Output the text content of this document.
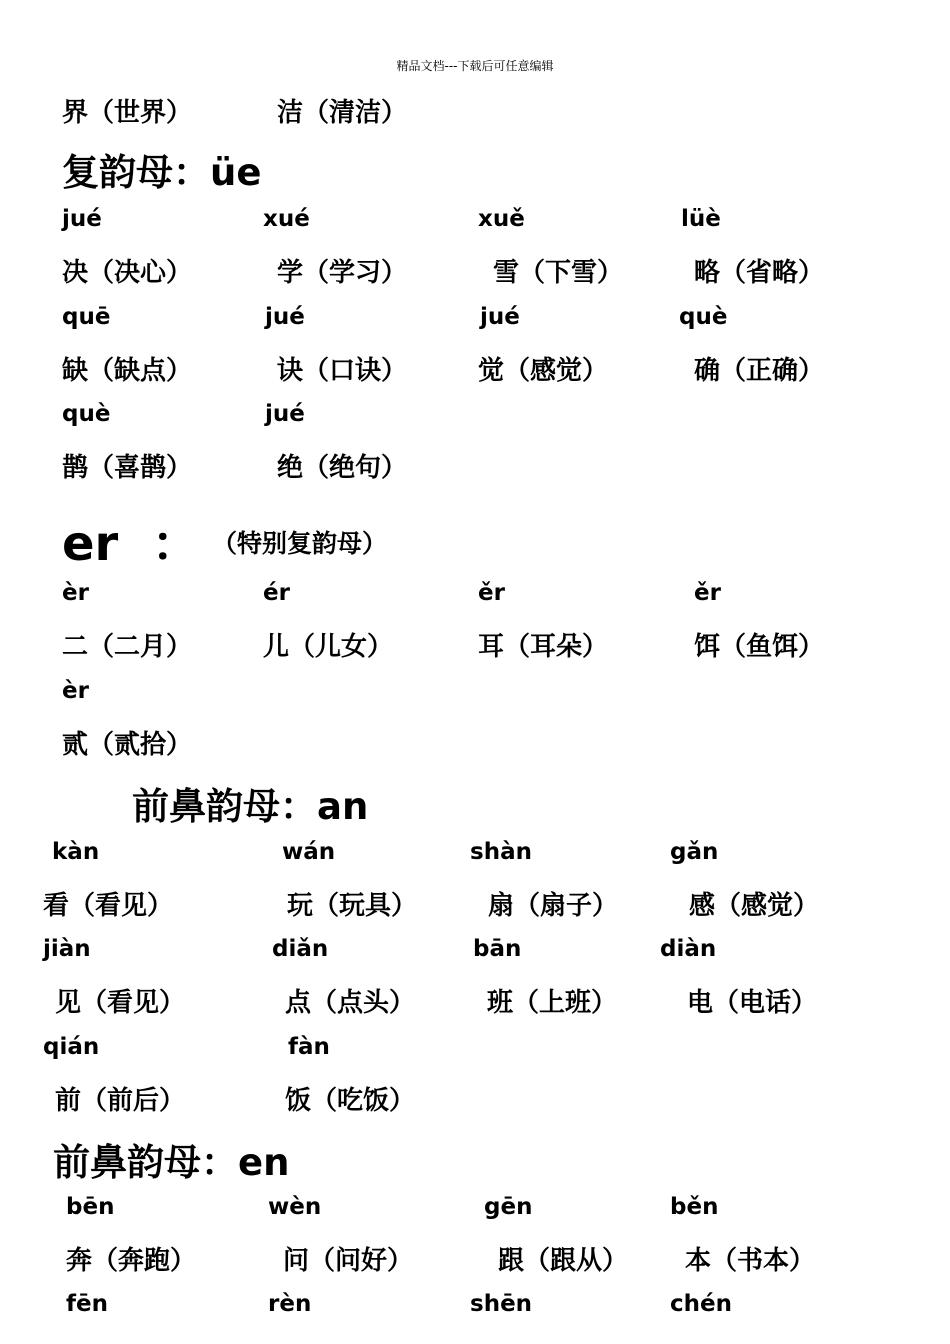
精品文档---下载后可任意编辑
界（世界）	洁（清洁）
复韵母：üe
jué	xué	xuě	lüè
决（决心）	学（学习）	雪（下雪）	略（省略）
quē	jué	jué	què
缺（缺点）	诀（口诀）	觉（感觉）	确（正确）
què	jué
鹊（喜鹊）	绝（绝句）
er  ： （特别复韵母）
èr	ér	ěr	ěr
二（二月）	儿（儿女）	耳（耳朵）	饵（鱼饵）
èr
贰（贰拾）
前鼻韵母：an
kàn	wán	shàn	gǎn
看（看见）	玩（玩具）	扇（扇子）	感（感觉）
jiàn	diǎn	bān	diàn
见（看见）	点（点头）	班（上班）	电（电话）
qián	fàn
前（前后）	饭（吃饭）
前鼻韵母：en
bēn	wèn	gēn	běn
奔（奔跑）	问（问好）	跟（跟从） 本（书本）
fēn	rèn	shēn	chén
